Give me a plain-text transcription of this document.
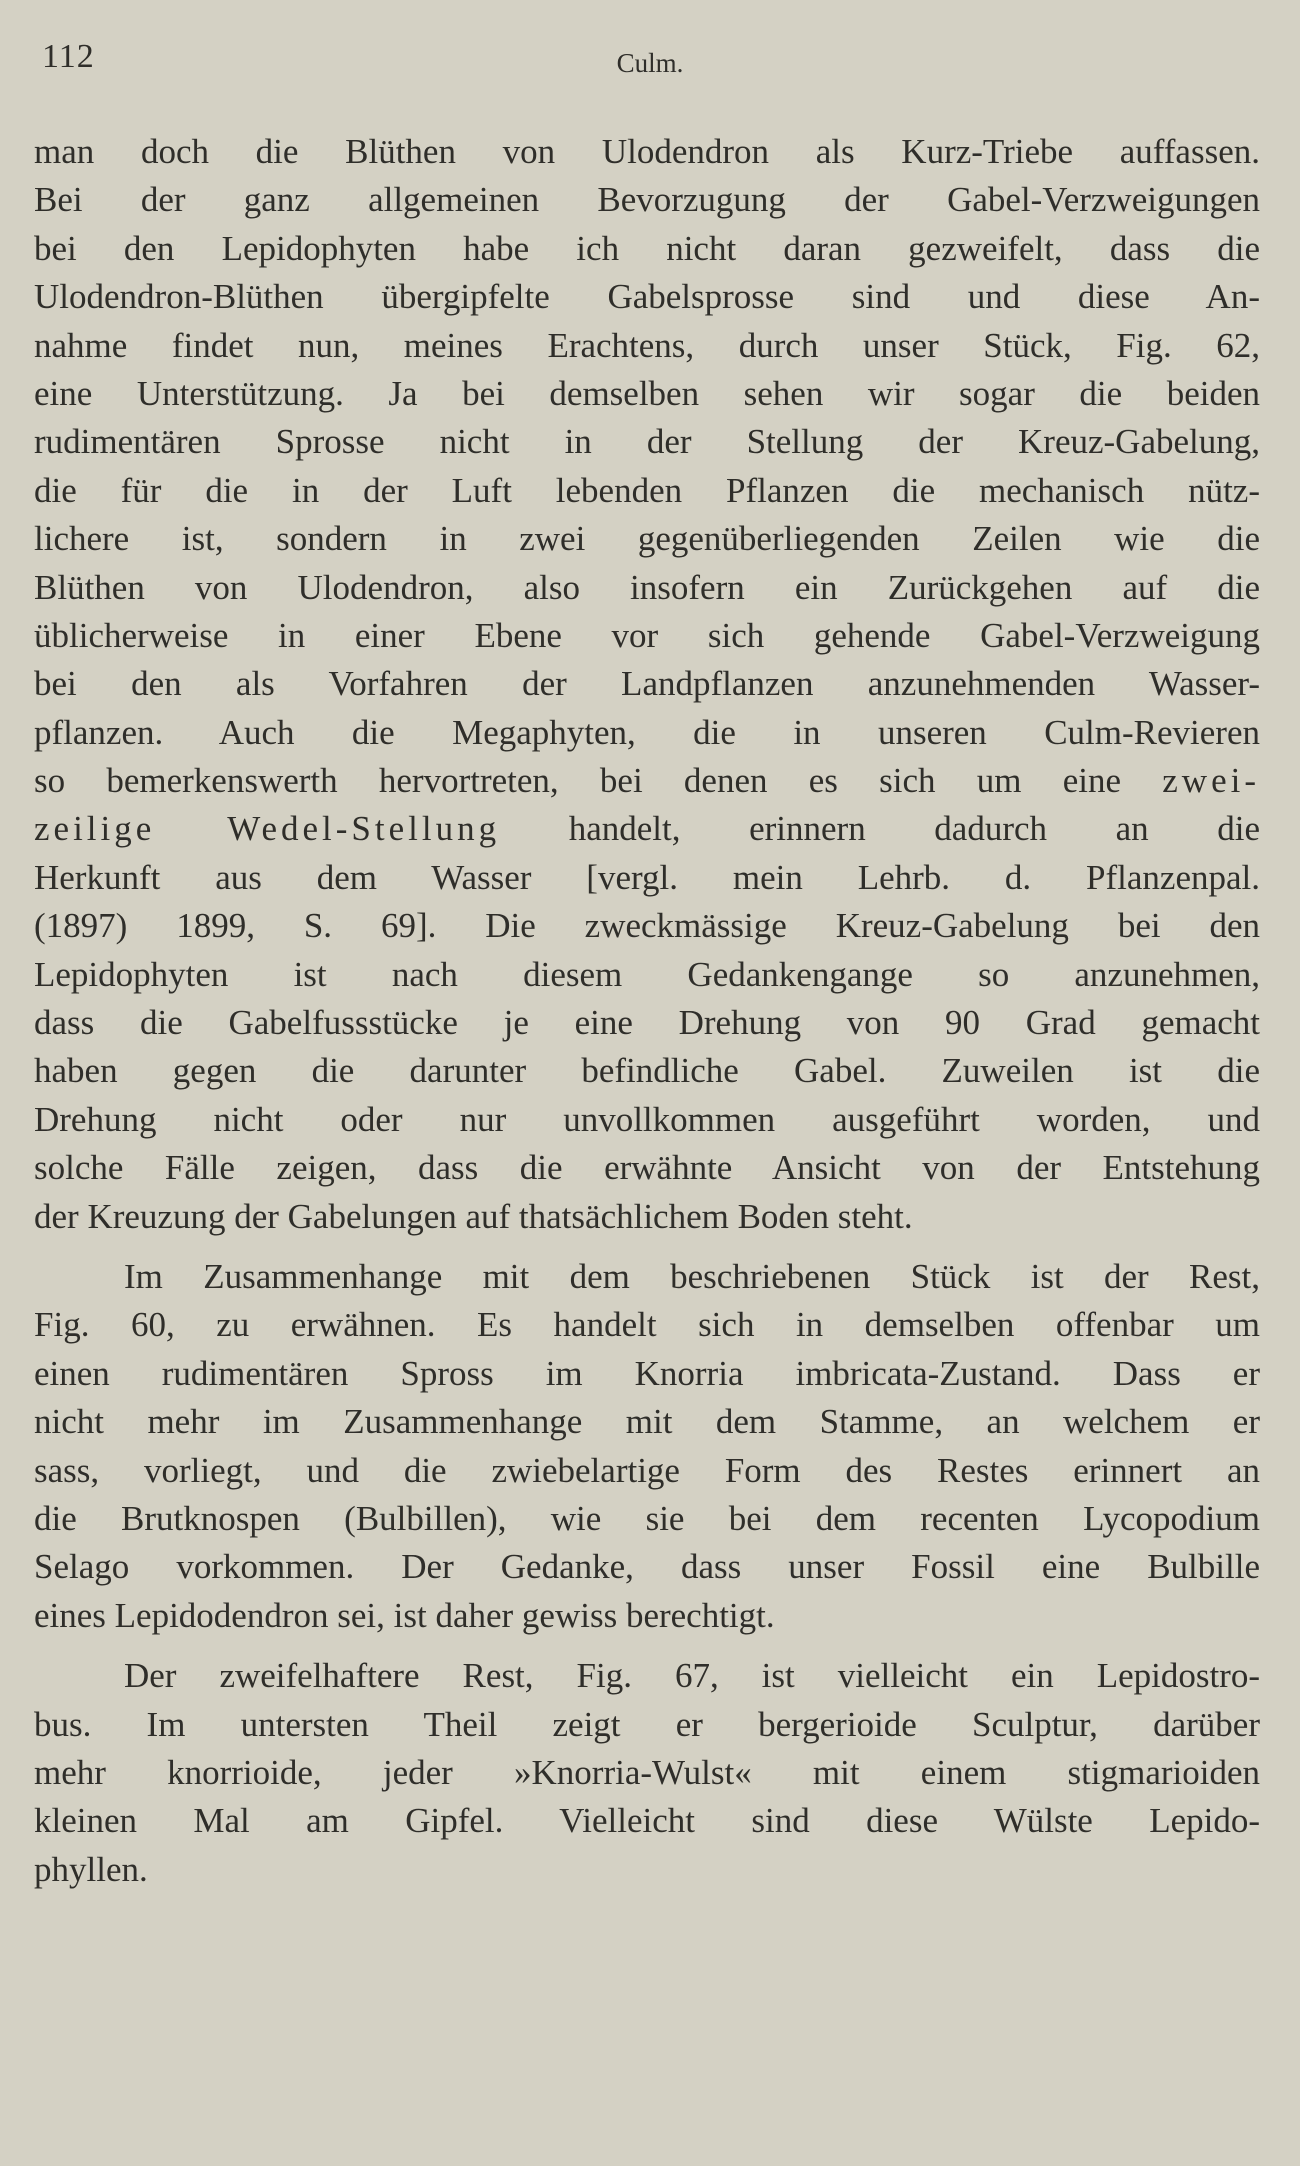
112	Culm.
man doch die Blüthen von Ulodendron als Kurz-Triebe auffassen.
Bei der ganz allgemeinen Bevorzugung der Gabel-Verzweigungen
bei den Lepidophyten habe ich nicht daran gezweifelt, dass die
Ulodendron-Blüthen übergipfelte Gabelsprosse sind und diese An-
nahme findet nun, meines Erachtens, durch unser Stück, Fig. 62,
eine Unterstützung. Ja bei demselben sehen wir sogar die beiden
rudimentären Sprosse nicht in der Stellung der Kreuz-Gabelung,
die für die in der Luft lebenden Pflanzen die mechanisch nütz-
lichere ist, sondern in zwei gegenüberliegenden Zeilen wie die
Blüthen von Ulodendron, also insofern ein Zurückgehen auf die
üblicherweise in einer Ebene vor sich gehende Gabel-Verzweigung
bei den als Vorfahren der Landpflanzen anzunehmenden Wasser-
pflanzen. Auch die Megaphyten, die in unseren Culm-Revieren
so bemerkenswerth hervortreten, bei denen es sich um eine zwei-
zeilige Wedel-Stellung handelt, erinnern dadurch an die
Herkunft aus dem Wasser [vergl. mein Lehrb. d. Pflanzenpal.
(1897) 1899, S. 69]. Die zweckmässige Kreuz-Gabelung bei den
Lepidophyten ist nach diesem Gedankengange so anzunehmen,
dass die Gabelfussstücke je eine Drehung von 90 Grad gemacht
haben gegen die darunter befindliche Gabel. Zuweilen ist die
Drehung nicht oder nur unvollkommen ausgeführt worden, und
solche Fälle zeigen, dass die erwähnte Ansicht von der Entstehung
der Kreuzung der Gabelungen auf thatsächlichem Boden steht.
Im Zusammenhange mit dem beschriebenen Stück ist der Rest,
Fig. 60, zu erwähnen. Es handelt sich in demselben offenbar um
einen rudimentären Spross im Knorria imbricata-Zustand. Dass er
nicht mehr im Zusammenhange mit dem Stamme, an welchem er
sass, vorliegt, und die zwiebelartige Form des Restes erinnert an
die Brutknospen (Bulbillen), wie sie bei dem recenten Lycopodium
Selago vorkommen. Der Gedanke, dass unser Fossil eine Bulbille
eines Lepidodendron sei, ist daher gewiss berechtigt.
Der zweifelhaftere Rest, Fig. 67, ist vielleicht ein Lepidostro-
bus. Im untersten Theil zeigt er bergerioide Sculptur, darüber
mehr knorrioide, jeder »Knorria-Wulst« mit einem stigmarioiden
kleinen Mal am Gipfel. Vielleicht sind diese Wülste Lepido-
phyllen.
